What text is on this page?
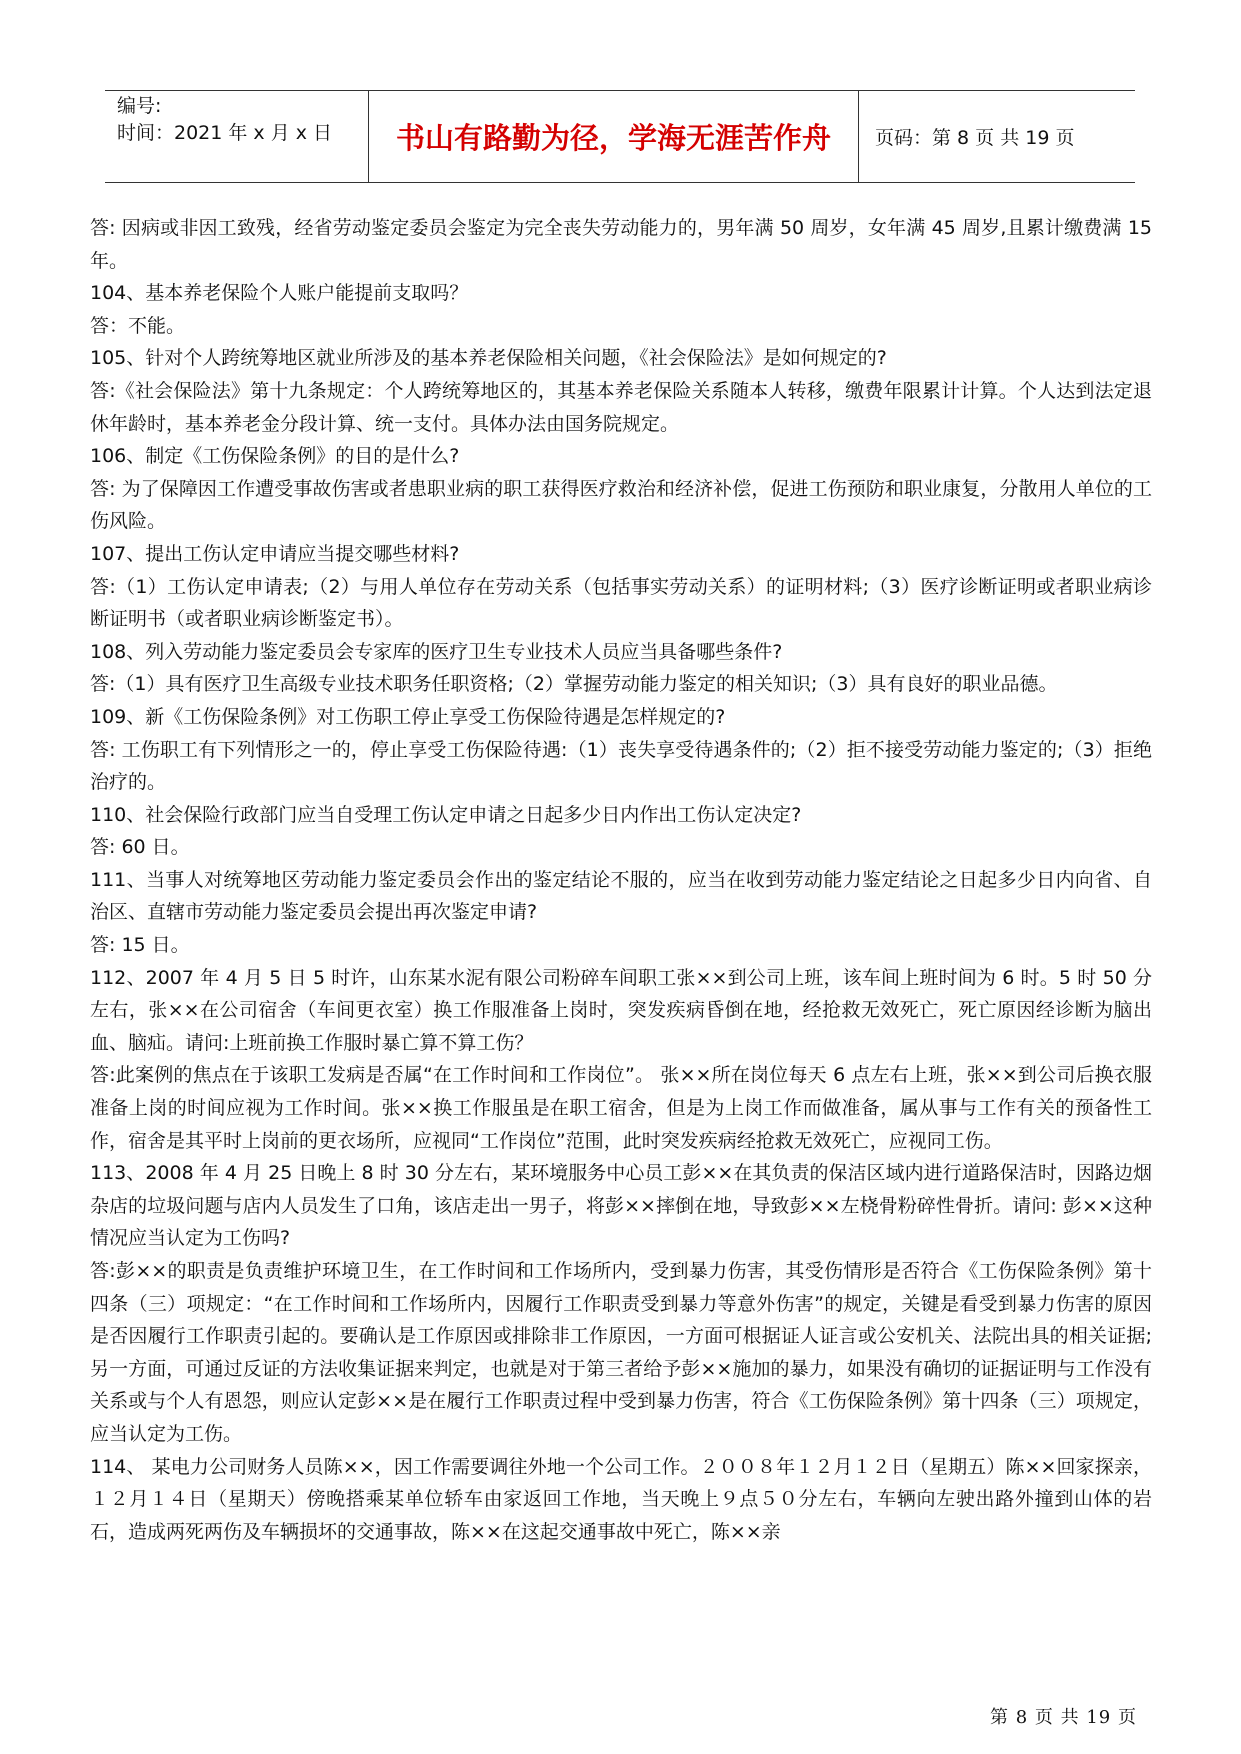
编号:
时间：2021 年 x 月 x 日	书山有路勤为径，学海无涯苦作舟	页码：第 8 页 共 19 页

答: 因病或非因工致残，经省劳动鉴定委员会鉴定为完全丧失劳动能力的，男年满 50 周岁，女年满 45 周岁,且累计缴费满 15 年。

104、基本养老保险个人账户能提前支取吗？

答：不能。

105、针对个人跨统筹地区就业所涉及的基本养老保险相关问题，《社会保险法》是如何规定的?

答:《社会保险法》第十九条规定：个人跨统筹地区的，其基本养老保险关系随本人转移，缴费年限累计计算。个人达到法定退休年龄时，基本养老金分段计算、统一支付。具体办法由国务院规定。

106、制定《工伤保险条例》的目的是什么?

答: 为了保障因工作遭受事故伤害或者患职业病的职工获得医疗救治和经济补偿，促进工伤预防和职业康复，分散用人单位的工伤风险。

107、提出工伤认定申请应当提交哪些材料?

答:（1）工伤认定申请表;（2）与用人单位存在劳动关系（包括事实劳动关系）的证明材料;（3）医疗诊断证明或者职业病诊断证明书（或者职业病诊断鉴定书）。

108、列入劳动能力鉴定委员会专家库的医疗卫生专业技术人员应当具备哪些条件?

答:（1）具有医疗卫生高级专业技术职务任职资格;（2）掌握劳动能力鉴定的相关知识;（3）具有良好的职业品德。

109、新《工伤保险条例》对工伤职工停止享受工伤保险待遇是怎样规定的?

答: 工伤职工有下列情形之一的，停止享受工伤保险待遇:（1）丧失享受待遇条件的;（2）拒不接受劳动能力鉴定的;（3）拒绝治疗的。

110、社会保险行政部门应当自受理工伤认定申请之日起多少日内作出工伤认定决定?

答: 60 日。

111、当事人对统筹地区劳动能力鉴定委员会作出的鉴定结论不服的，应当在收到劳动能力鉴定结论之日起多少日内向省、自治区、直辖市劳动能力鉴定委员会提出再次鉴定申请?

答: 15 日。

112、2007 年 4 月 5 日 5 时许，山东某水泥有限公司粉碎车间职工张××到公司上班，该车间上班时间为 6 时。5 时 50 分左右，张××在公司宿舍（车间更衣室）换工作服准备上岗时，突发疾病昏倒在地，经抢救无效死亡，死亡原因经诊断为脑出血、脑疝。请问:上班前换工作服时暴亡算不算工伤？

答:此案例的焦点在于该职工发病是否属“在工作时间和工作岗位”。 张××所在岗位每天 6 点左右上班，张××到公司后换衣服准备上岗的时间应视为工作时间。张××换工作服虽是在职工宿舍，但是为上岗工作而做准备，属从事与工作有关的预备性工作，宿舍是其平时上岗前的更衣场所，应视同“工作岗位”范围，此时突发疾病经抢救无效死亡，应视同工伤。

113、2008 年 4 月 25 日晚上 8 时 30 分左右，某环境服务中心员工彭××在其负责的保洁区域内进行道路保洁时，因路边烟杂店的垃圾问题与店内人员发生了口角，该店走出一男子，将彭××摔倒在地，导致彭××左桡骨粉碎性骨折。请问: 彭××这种情况应当认定为工伤吗?

答:彭××的职责是负责维护环境卫生，在工作时间和工作场所内，受到暴力伤害，其受伤情形是否符合《工伤保险条例》第十四条（三）项规定：“在工作时间和工作场所内，因履行工作职责受到暴力等意外伤害”的规定，关键是看受到暴力伤害的原因是否因履行工作职责引起的。要确认是工作原因或排除非工作原因，一方面可根据证人证言或公安机关、法院出具的相关证据; 另一方面，可通过反证的方法收集证据来判定，也就是对于第三者给予彭××施加的暴力，如果没有确切的证据证明与工作没有关系或与个人有恩怨，则应认定彭××是在履行工作职责过程中受到暴力伤害，符合《工伤保险条例》第十四条（三）项规定，应当认定为工伤。

114、 某电力公司财务人员陈××，因工作需要调往外地一个公司工作。２００８年１２月１２日（星期五）陈××回家探亲，１２月１４日（星期天）傍晚搭乘某单位轿车由家返回工作地，当天晚上９点５０分左右，车辆向左驶出路外撞到山体的岩石，造成两死两伤及车辆损坏的交通事故，陈××在这起交通事故中死亡，陈××亲

第 8 页 共 19 页
